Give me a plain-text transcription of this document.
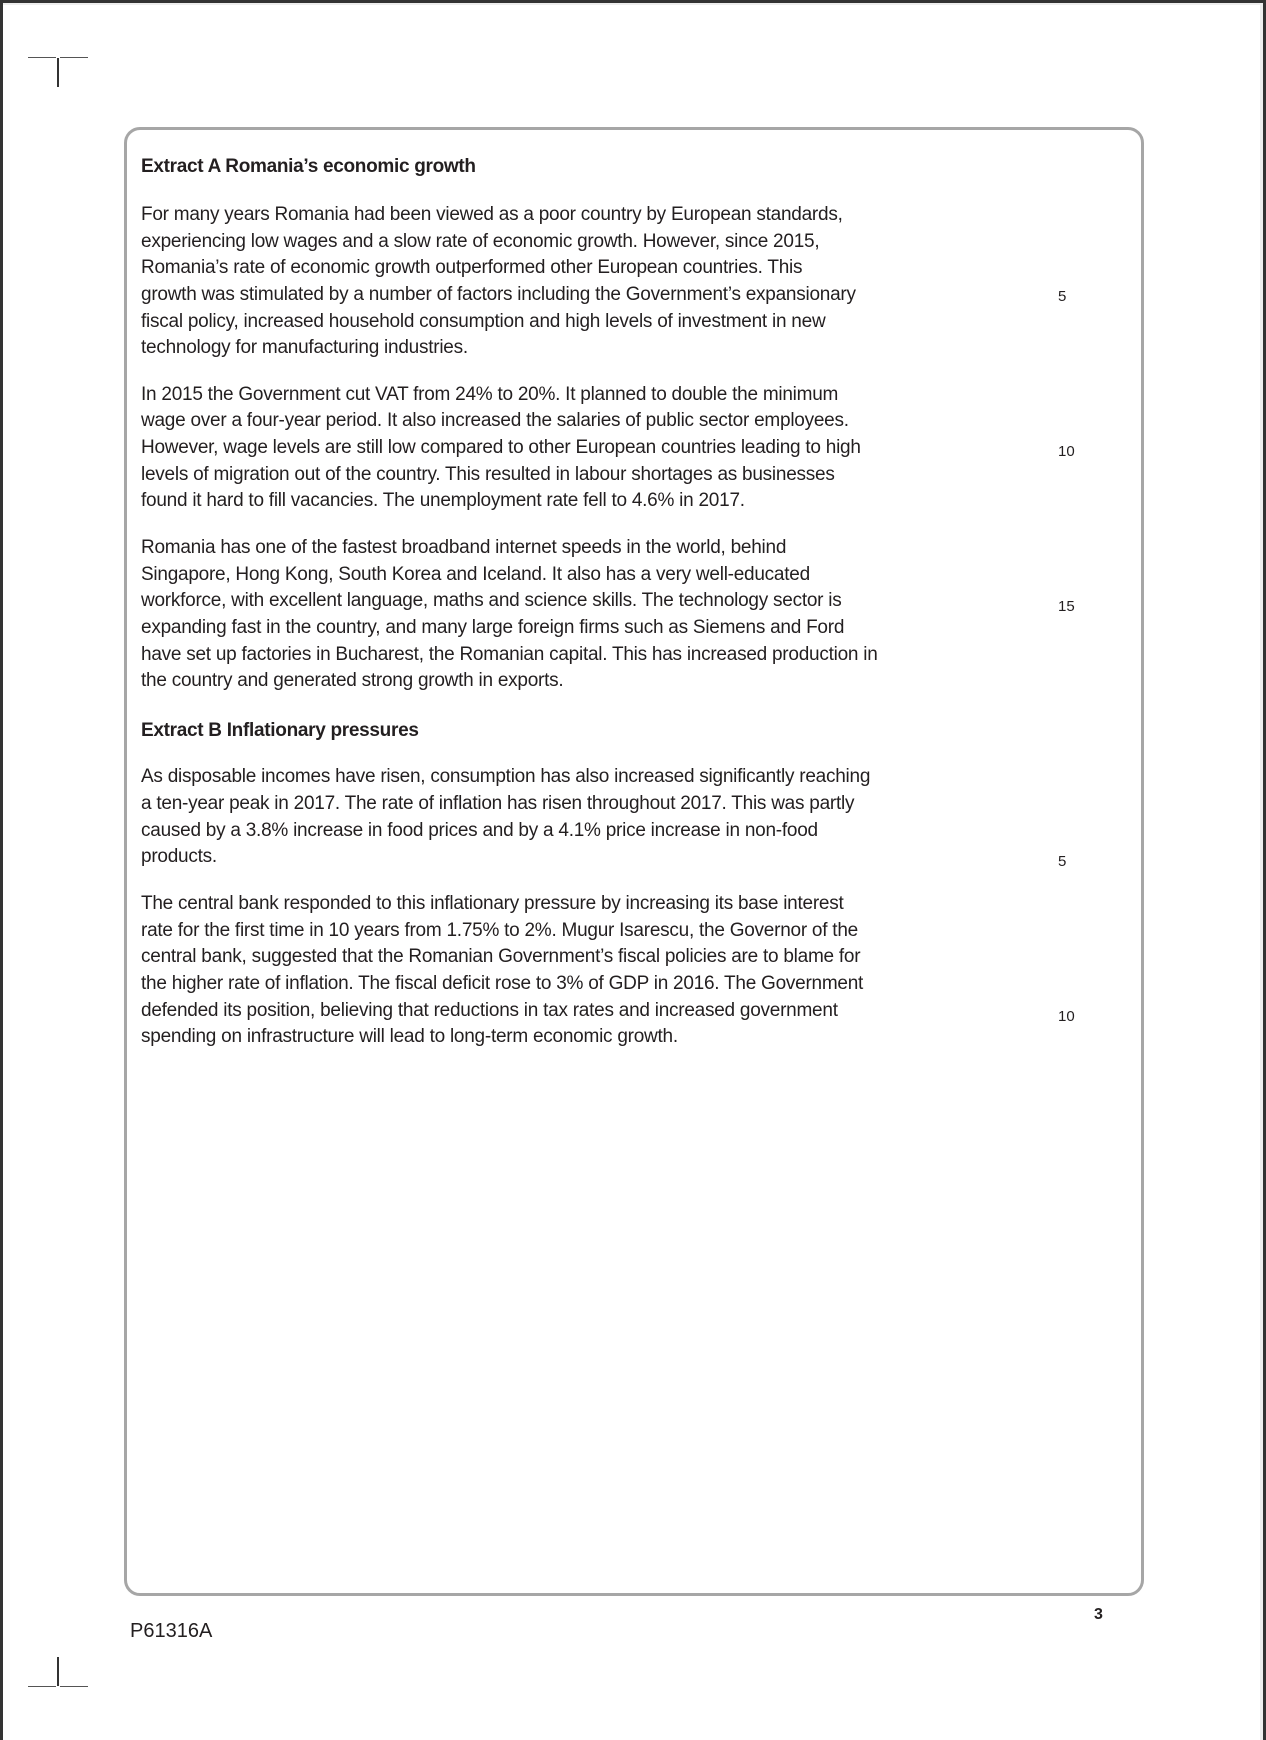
Extract A Romania’s economic growth
For many years Romania had been viewed as a poor country by European standards,
experiencing low wages and a slow rate of economic growth. However, since 2015,
Romania’s rate of economic growth outperformed other European countries. This
growth was stimulated by a number of factors including the Government’s expansionary
fiscal policy, increased household consumption and high levels of investment in new
technology for manufacturing industries.
5
In 2015 the Government cut VAT from 24% to 20%. It planned to double the minimum
wage over a four-year period. It also increased the salaries of public sector employees.
However, wage levels are still low compared to other European countries leading to high
levels of migration out of the country. This resulted in labour shortages as businesses
found it hard to fill vacancies. The unemployment rate fell to 4.6% in 2017.
10
Romania has one of the fastest broadband internet speeds in the world, behind
Singapore, Hong Kong, South Korea and Iceland. It also has a very well-educated
workforce, with excellent language, maths and science skills. The technology sector is
expanding fast in the country, and many large foreign firms such as Siemens and Ford
have set up factories in Bucharest, the Romanian capital. This has increased production in
the country and generated strong growth in exports.
15
Extract B Inflationary pressures
As disposable incomes have risen, consumption has also increased significantly reaching
a ten-year peak in 2017. The rate of inflation has risen throughout 2017. This was partly
caused by a 3.8% increase in food prices and by a 4.1% price increase in non-food
products.	5
The central bank responded to this inflationary pressure by increasing its base interest
rate for the first time in 10 years from 1.75% to 2%. Mugur Isarescu, the Governor of the
central bank, suggested that the Romanian Government’s fiscal policies are to blame for
the higher rate of inflation. The fiscal deficit rose to 3% of GDP in 2016. The Government
defended its position, believing that reductions in tax rates and increased government
spending on infrastructure will lead to long-term economic growth.
10
3
P61316A
